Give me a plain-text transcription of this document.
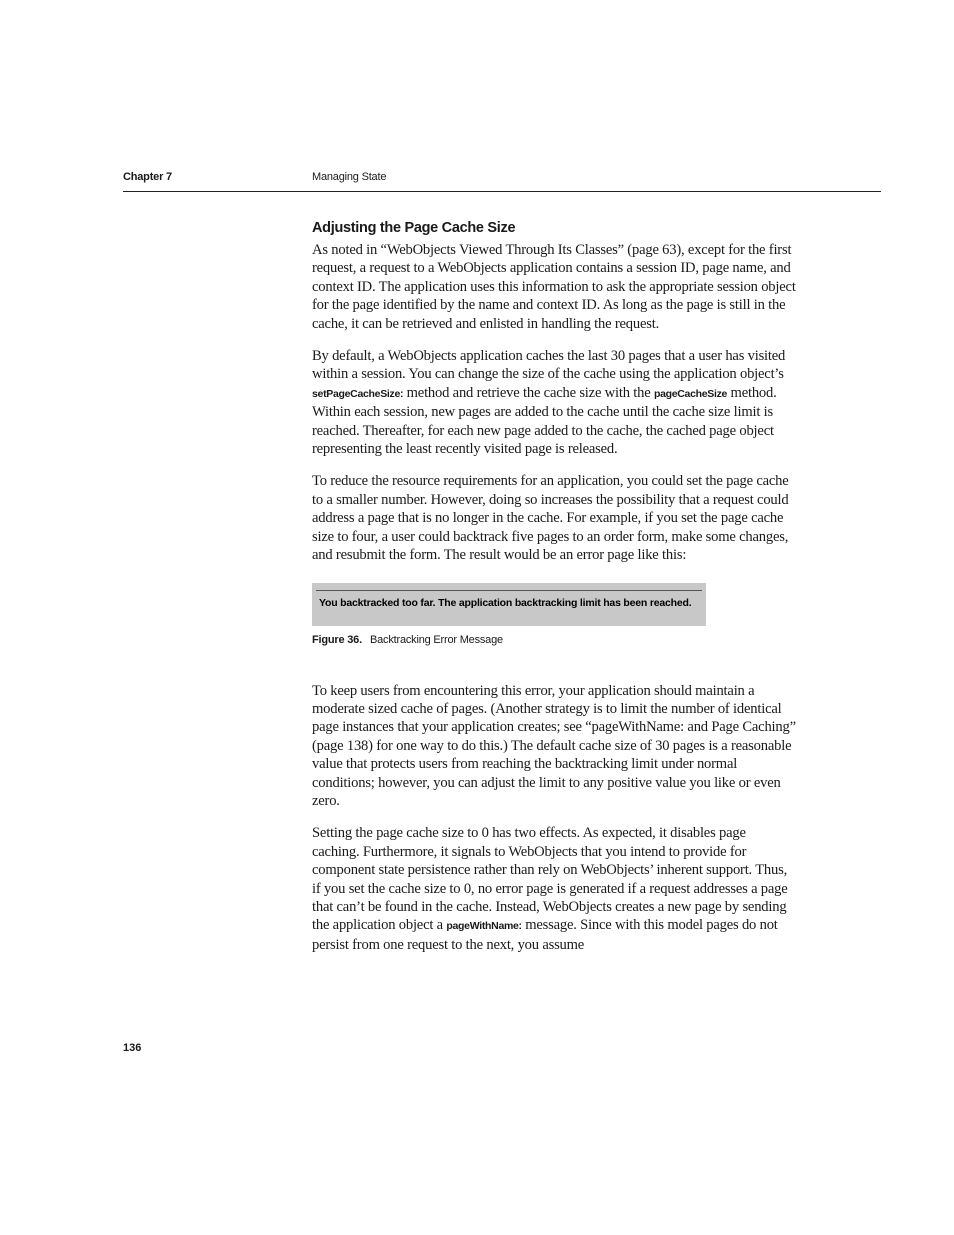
Chapter 7	Managing State
Adjusting the Page Cache Size

As noted in “WebObjects Viewed Through Its Classes” (page 63), except for the first request, a request to a WebObjects application contains a session ID, page name, and context ID. The application uses this information to ask the appropriate session object for the page identified by the name and context ID. As long as the page is still in the cache, it can be retrieved and enlisted in handling the request.

By default, a WebObjects application caches the last 30 pages that a user has visited within a session. You can change the size of the cache using the application object’s setPageCacheSize: method and retrieve the cache size with the pageCacheSize method. Within each session, new pages are added to the cache until the cache size limit is reached. Thereafter, for each new page added to the cache, the cached page object representing the least recently visited page is released.

To reduce the resource requirements for an application, you could set the page cache to a smaller number. However, doing so increases the possibility that a request could address a page that is no longer in the cache. For example, if you set the page cache size to four, a user could backtrack five pages to an order form, make some changes, and resubmit the form. The result would be an error page like this:

You backtracked too far. The application backtracking limit has been reached.
Figure 36. Backtracking Error Message

To keep users from encountering this error, your application should maintain a moderate sized cache of pages. (Another strategy is to limit the number of identical page instances that your application creates; see “pageWithName: and Page Caching” (page 138) for one way to do this.) The default cache size of 30 pages is a reasonable value that protects users from reaching the backtracking limit under normal conditions; however, you can adjust the limit to any positive value you like or even zero.

Setting the page cache size to 0 has two effects. As expected, it disables page caching. Furthermore, it signals to WebObjects that you intend to provide for component state persistence rather than rely on WebObjects’ inherent support. Thus, if you set the cache size to 0, no error page is generated if a request addresses a page that can’t be found in the cache. Instead, WebObjects creates a new page by sending the application object a pageWithName: message. Since with this model pages do not persist from one request to the next, you assume

136
